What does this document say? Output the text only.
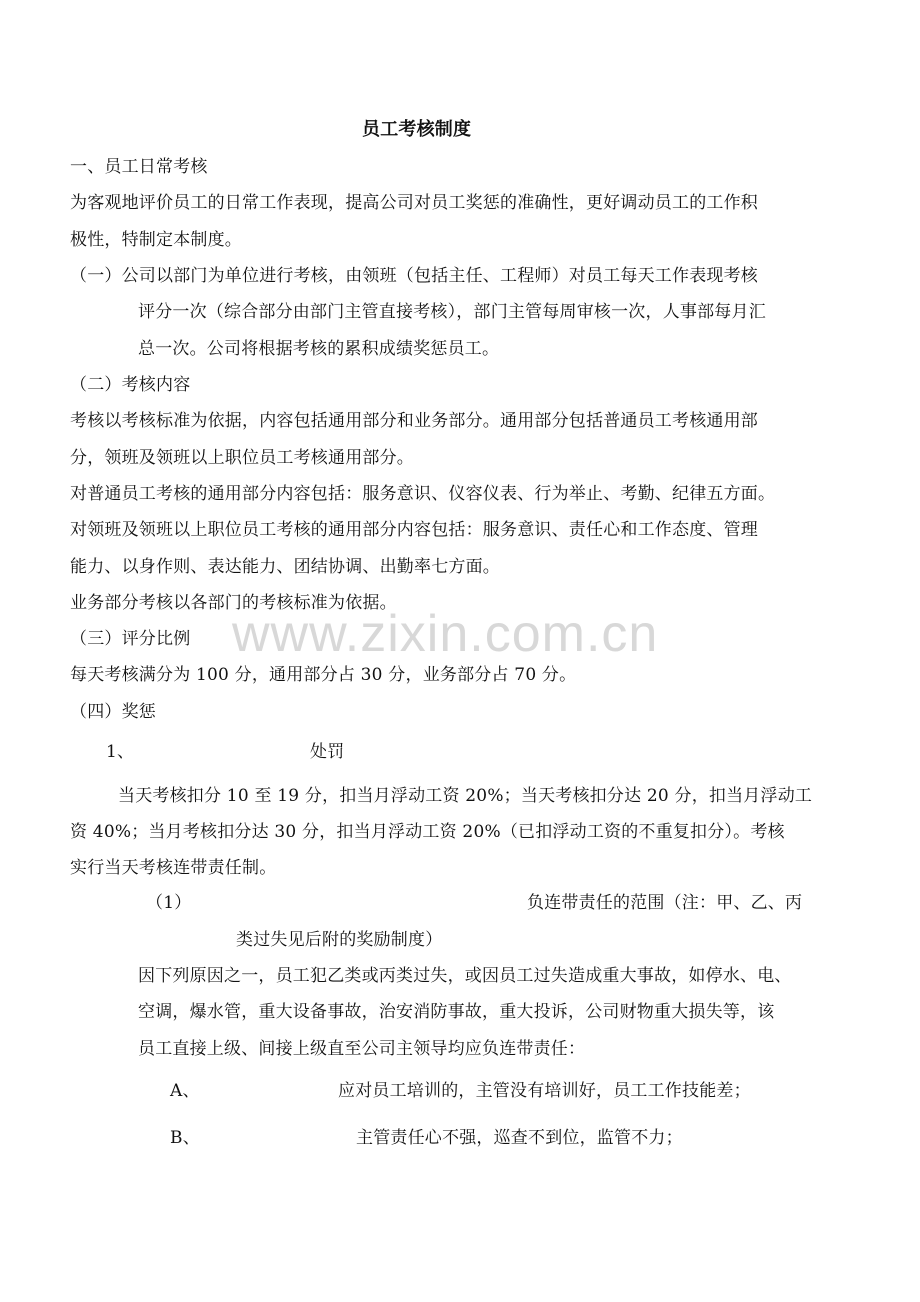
www.zixin.com.cn
员工考核制度
一、员工日常考核
为客观地评价员工的日常工作表现，提高公司对员工奖惩的准确性，更好调动员工的工作积
极性，特制定本制度。
（一）公司以部门为单位进行考核，由领班（包括主任、工程师）对员工每天工作表现考核
评分一次（综合部分由部门主管直接考核），部门主管每周审核一次，人事部每月汇
总一次。公司将根据考核的累积成绩奖惩员工。
（二）考核内容
考核以考核标准为依据，内容包括通用部分和业务部分。通用部分包括普通员工考核通用部
分，领班及领班以上职位员工考核通用部分。
对普通员工考核的通用部分内容包括：服务意识、仪容仪表、行为举止、考勤、纪律五方面。
对领班及领班以上职位员工考核的通用部分内容包括：服务意识、责任心和工作态度、管理
能力、以身作则、表达能力、团结协调、出勤率七方面。
业务部分考核以各部门的考核标准为依据。
（三）评分比例
每天考核满分为 100 分，通用部分占 30 分，业务部分占 70 分。
（四）奖惩
1、	处罚
当天考核扣分 10 至 19 分，扣当月浮动工资 20%；当天考核扣分达 20 分，扣当月浮动工
资 40%；当月考核扣分达 30 分，扣当月浮动工资 20%（已扣浮动工资的不重复扣分）。考核
实行当天考核连带责任制。
（1）	负连带责任的范围（注：甲、乙、丙
类过失见后附的奖励制度）
因下列原因之一，员工犯乙类或丙类过失，或因员工过失造成重大事故，如停水、电、
空调，爆水管，重大设备事故，治安消防事故，重大投诉，公司财物重大损失等，该
员工直接上级、间接上级直至公司主领导均应负连带责任：
A、	应对员工培训的，主管没有培训好，员工工作技能差；
B、	主管责任心不强，巡查不到位，监管不力；
